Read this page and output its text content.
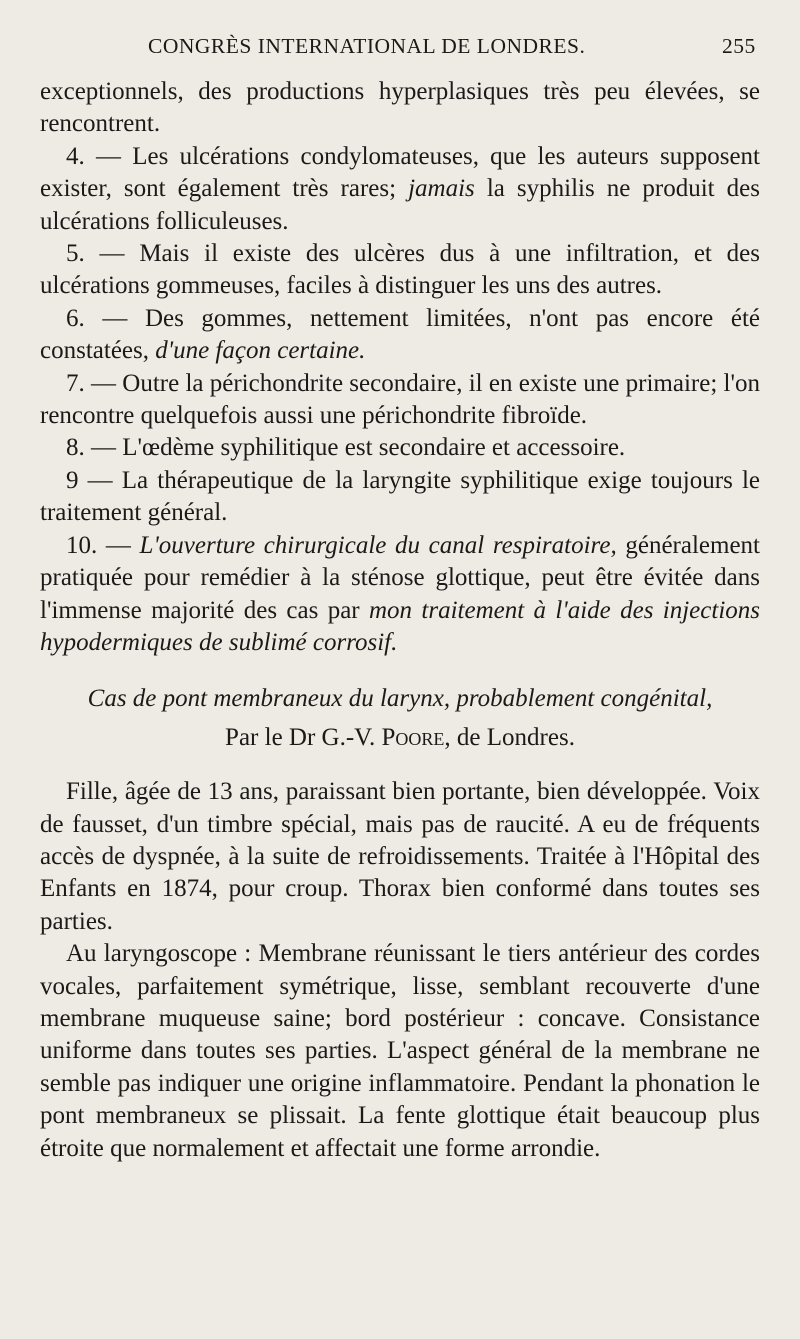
CONGRÈS INTERNATIONAL DE LONDRES.	255

exceptionnels, des productions hyperplasiques très peu élevées, se rencontrent.

4. — Les ulcérations condylomateuses, que les auteurs supposent exister, sont également très rares; jamais la syphilis ne produit des ulcérations folliculeuses.

5. — Mais il existe des ulcères dus à une infiltration, et des ulcérations gommeuses, faciles à distinguer les uns des autres.

6. — Des gommes, nettement limitées, n'ont pas encore été constatées, d'une façon certaine.

7. — Outre la périchondrite secondaire, il en existe une primaire; l'on rencontre quelquefois aussi une périchondrite fibroïde.

8. — L'œdème syphilitique est secondaire et accessoire.

9 — La thérapeutique de la laryngite syphilitique exige toujours le traitement général.

10. — L'ouverture chirurgicale du canal respiratoire, généralement pratiquée pour remédier à la sténose glottique, peut être évitée dans l'immense majorité des cas par mon traitement à l'aide des injections hypodermiques de sublimé corrosif.

Cas de pont membraneux du larynx, probablement congénital,

Par le Dr G.-V. Poore, de Londres.

Fille, âgée de 13 ans, paraissant bien portante, bien développée. Voix de fausset, d'un timbre spécial, mais pas de raucité. A eu de fréquents accès de dyspnée, à la suite de refroidissements. Traitée à l'Hôpital des Enfants en 1874, pour croup. Thorax bien conformé dans toutes ses parties.

Au laryngoscope : Membrane réunissant le tiers antérieur des cordes vocales, parfaitement symétrique, lisse, semblant recouverte d'une membrane muqueuse saine; bord postérieur : concave. Consistance uniforme dans toutes ses parties. L'aspect général de la membrane ne semble pas indiquer une origine inflammatoire. Pendant la phonation le pont membraneux se plissait. La fente glottique était beaucoup plus étroite que normalement et affectait une forme arrondie.
